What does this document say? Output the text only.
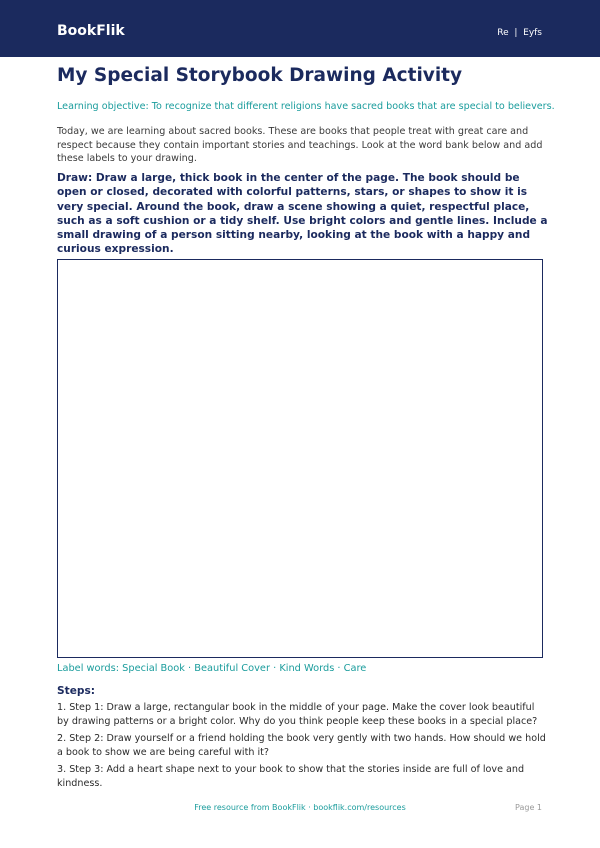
BookFlik	Re  |  Eyfs
My Special Storybook Drawing Activity
Learning objective: To recognize that different religions have sacred books that are special to believers.
Today, we are learning about sacred books. These are books that people treat with great care and respect because they contain important stories and teachings. Look at the word bank below and add these labels to your drawing.
Draw: Draw a large, thick book in the center of the page. The book should be open or closed, decorated with colorful patterns, stars, or shapes to show it is very special. Around the book, draw a scene showing a quiet, respectful place, such as a soft cushion or a tidy shelf. Use bright colors and gentle lines. Include a small drawing of a person sitting nearby, looking at the book with a happy and curious expression.
Label words: Special Book · Beautiful Cover · Kind Words · Care
Steps:
1. Step 1: Draw a large, rectangular book in the middle of your page. Make the cover look beautiful by drawing patterns or a bright color. Why do you think people keep these books in a special place?
2. Step 2: Draw yourself or a friend holding the book very gently with two hands. How should we hold a book to show we are being careful with it?
3. Step 3: Add a heart shape next to your book to show that the stories inside are full of love and kindness.
Free resource from BookFlik · bookflik.com/resources	Page 1
